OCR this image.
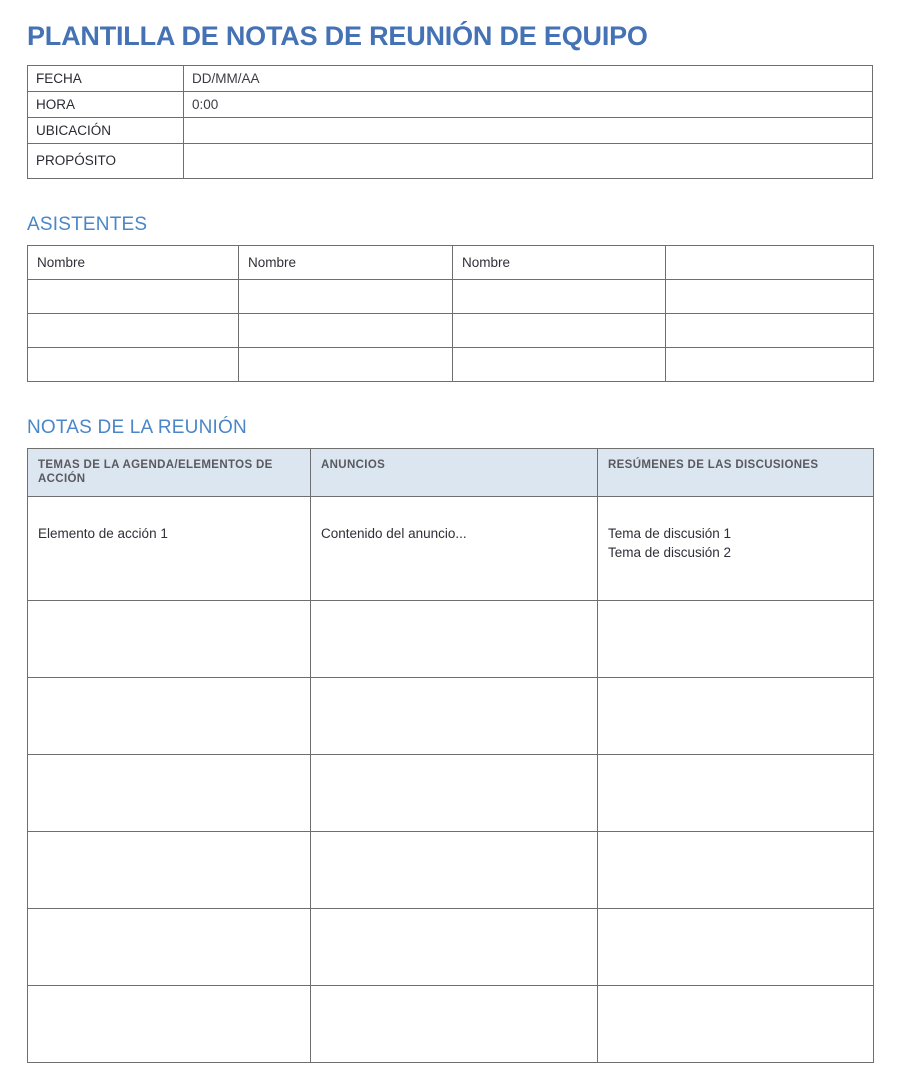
PLANTILLA DE NOTAS DE REUNIÓN DE EQUIPO
FECHA	DD/MM/AA
HORA	0:00
UBICACIÓN	
PROPÓSITO	
ASISTENTES
Nombre	Nombre	Nombre	

NOTAS DE LA REUNIÓN
TEMAS DE LA AGENDA/ELEMENTOS DE ACCIÓN	ANUNCIOS	RESÚMENES DE LAS DISCUSIONES
Elemento de acción 1	Contenido del anuncio...	Tema de discusión 1
Tema de discusión 2
